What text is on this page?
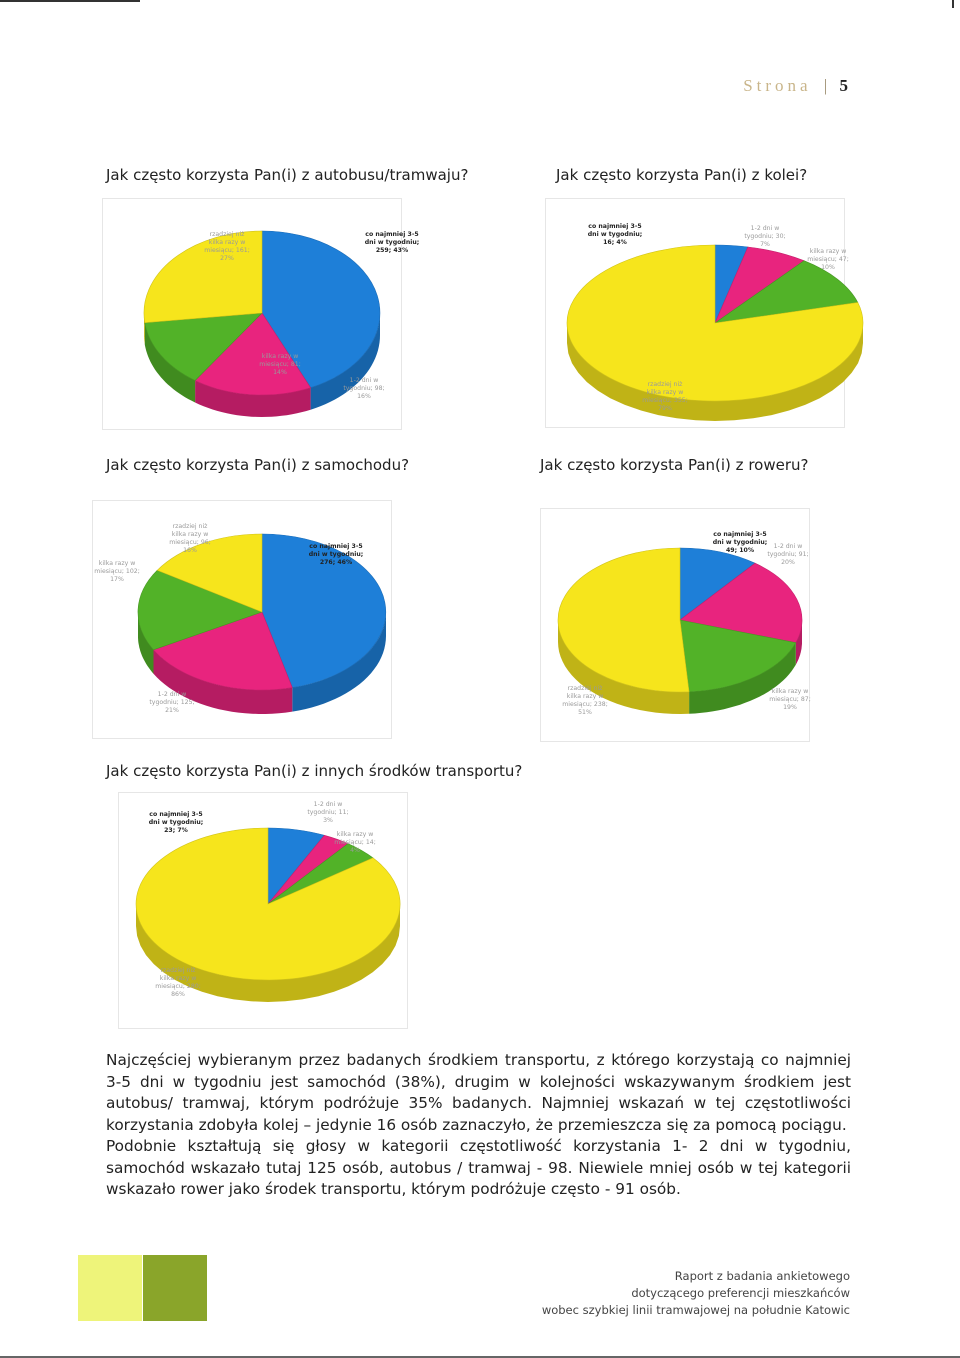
Strona | 5
Jak często korzysta Pan(i) z autobusu/tramwaju?	Jak często korzysta Pan(i) z kolei?
Jak często korzysta Pan(i) z samochodu?	Jak często korzysta Pan(i) z roweru?
Jak często korzysta Pan(i) z innych środków transportu?
co najmniej 3-5 dni w tygodniu; 259; 43%
1-2 dni w tygodniu; 98; 16%
kilka razy w miesiącu; 81; 14%
rzadziej niż kilka razy w miesiącu; 161; 27%
co najmniej 3-5 dni w tygodniu; 16; 4%
1-2 dni w tygodniu; 30; 7%
kilka razy w miesiącu; 47; 10%
rzadziej niż kilka razy w miesiącu; 355; 79%
co najmniej 3-5 dni w tygodniu; 276; 46%
1-2 dni w tygodniu; 125; 21%
kilka razy w miesiącu; 102; 17%
rzadziej niż kilka razy w miesiącu; 96; 16%
co najmniej 3-5 dni w tygodniu; 49; 10%
1-2 dni w tygodniu; 91; 20%
kilka razy w miesiącu; 87; 19%
rzadziej niż kilka razy w miesiącu; 238; 51%
co najmniej 3-5 dni w tygodniu; 23; 7%
1-2 dni w tygodniu; 11; 3%
kilka razy w miesiącu; 14; 4%
rzadziej niż kilka razy w miesiącu; 280; 86%

Najczęściej wybieranym przez badanych środkiem transportu, z którego korzystają co najmniej 3-5 dni w tygodniu jest samochód (38%), drugim w kolejności wskazywanym środkiem jest autobus/ tramwaj, którym podróżuje 35% badanych. Najmniej wskazań w tej częstotliwości korzystania zdobyła kolej – jedynie 16 osób zaznaczyło, że przemieszcza się za pomocą pociągu.

Podobnie kształtują się głosy w kategorii częstotliwość korzystania 1- 2 dni w tygodniu, samochód wskazało tutaj 125 osób, autobus / tramwaj - 98. Niewiele mniej osób w tej kategorii wskazało rower jako środek transportu, którym podróżuje często - 91 osób.

Raport z badania ankietowego
dotyczącego preferencji mieszkańców
wobec szybkiej linii tramwajowej na południe Katowic
